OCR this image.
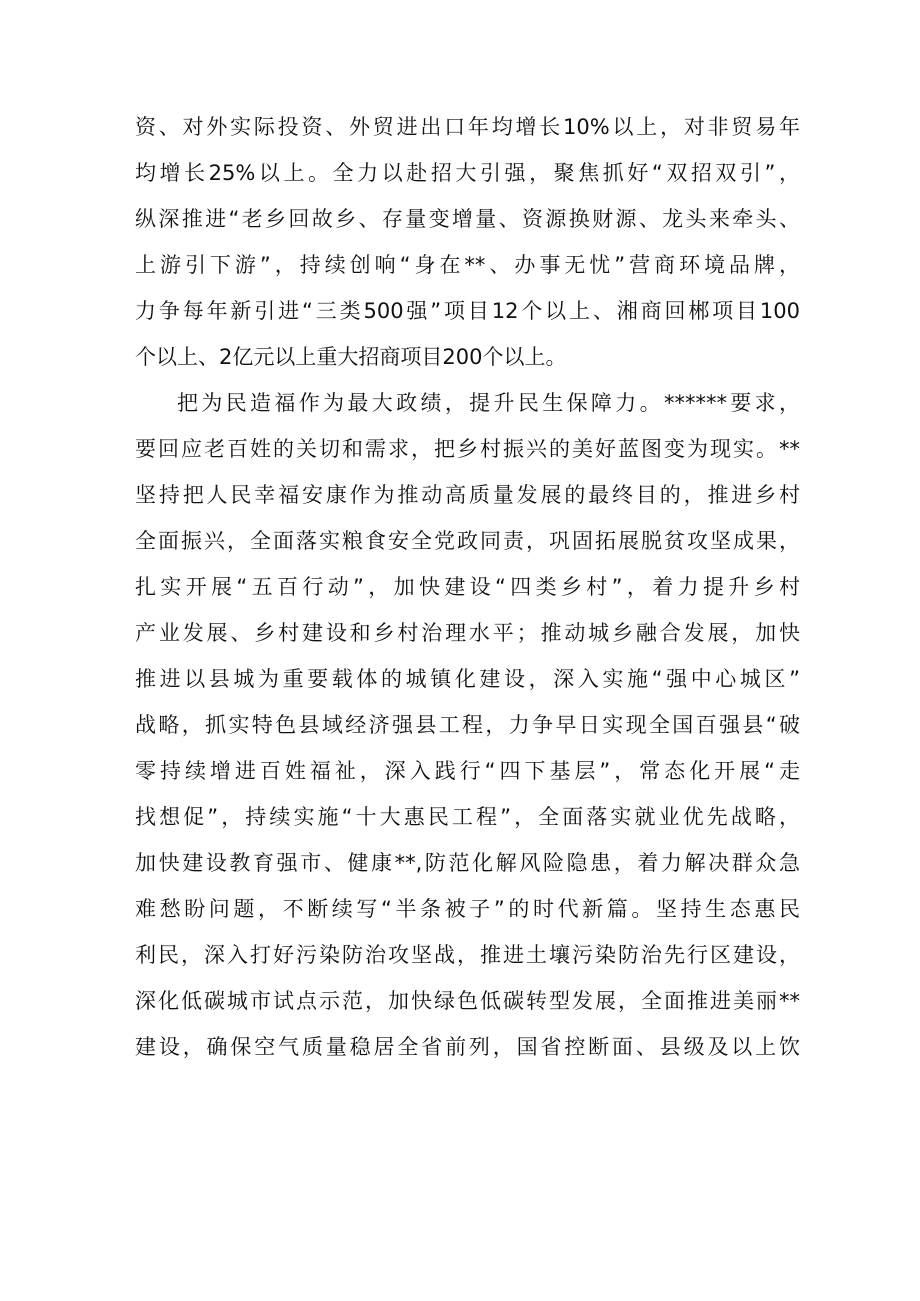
资、对外实际投资、外贸进出口年均增长10%以上，对非贸易年
均增长25%以上。全力以赴招大引强，聚焦抓好“双招双引”，
纵深推进“老乡回故乡、存量变增量、资源换财源、龙头来牵头、
上游引下游”，持续创响“身在**、办事无忧”营商环境品牌，
力争每年新引进“三类500强”项目12个以上、湘商回郴项目100
个以上、2亿元以上重大招商项目200个以上。
把为民造福作为最大政绩，提升民生保障力。******要求，
要回应老百姓的关切和需求，把乡村振兴的美好蓝图变为现实。**
坚持把人民幸福安康作为推动高质量发展的最终目的，推进乡村
全面振兴，全面落实粮食安全党政同责，巩固拓展脱贫攻坚成果，
扎实开展“五百行动”，加快建设“四类乡村”，着力提升乡村
产业发展、乡村建设和乡村治理水平；推动城乡融合发展，加快
推进以县城为重要载体的城镇化建设，深入实施“强中心城区”
战略，抓实特色县域经济强县工程，力争早日实现全国百强县“破
零持续增进百姓福祉，深入践行“四下基层”，常态化开展“走
找想促”，持续实施“十大惠民工程”，全面落实就业优先战略，
加快建设教育强市、健康**,防范化解风险隐患，着力解决群众急
难愁盼问题，不断续写“半条被子”的时代新篇。坚持生态惠民
利民，深入打好污染防治攻坚战，推进土壤污染防治先行区建设，
深化低碳城市试点示范，加快绿色低碳转型发展，全面推进美丽**
建设，确保空气质量稳居全省前列，国省控断面、县级及以上饮
